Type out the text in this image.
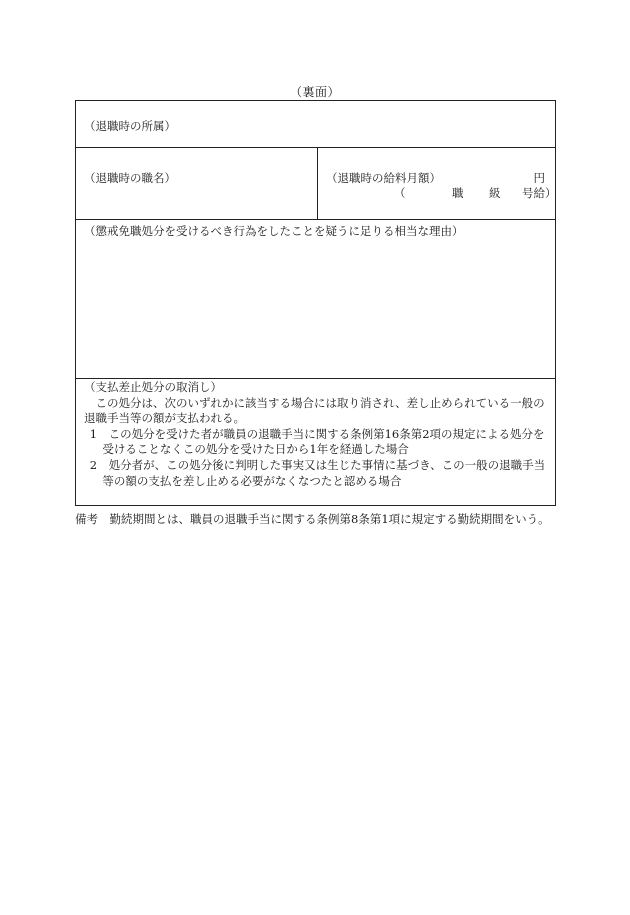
（裏面）
（退職時の所属）
（退職時の職名）	（退職時の給料月額）	円
（	職 級 号給）
（懲戒免職処分を受けるべき行為をしたことを疑うに足りる相当な理由）

（支払差止処分の取消し）

この処分は、次のいずれかに該当する場合には取り消され、差し止められている一般の退職手当等の額が支払われる。

1　この処分を受けた者が職員の退職手当に関する条例第16条第2項の規定による処分を受けることなくこの処分を受けた日から1年を経過した場合

2　処分者が、この処分後に判明した事実又は生じた事情に基づき、この一般の退職手当等の額の支払を差し止める必要がなくなつたと認める場合

備考　勤続期間とは、職員の退職手当に関する条例第8条第1項に規定する勤続期間をいう。
